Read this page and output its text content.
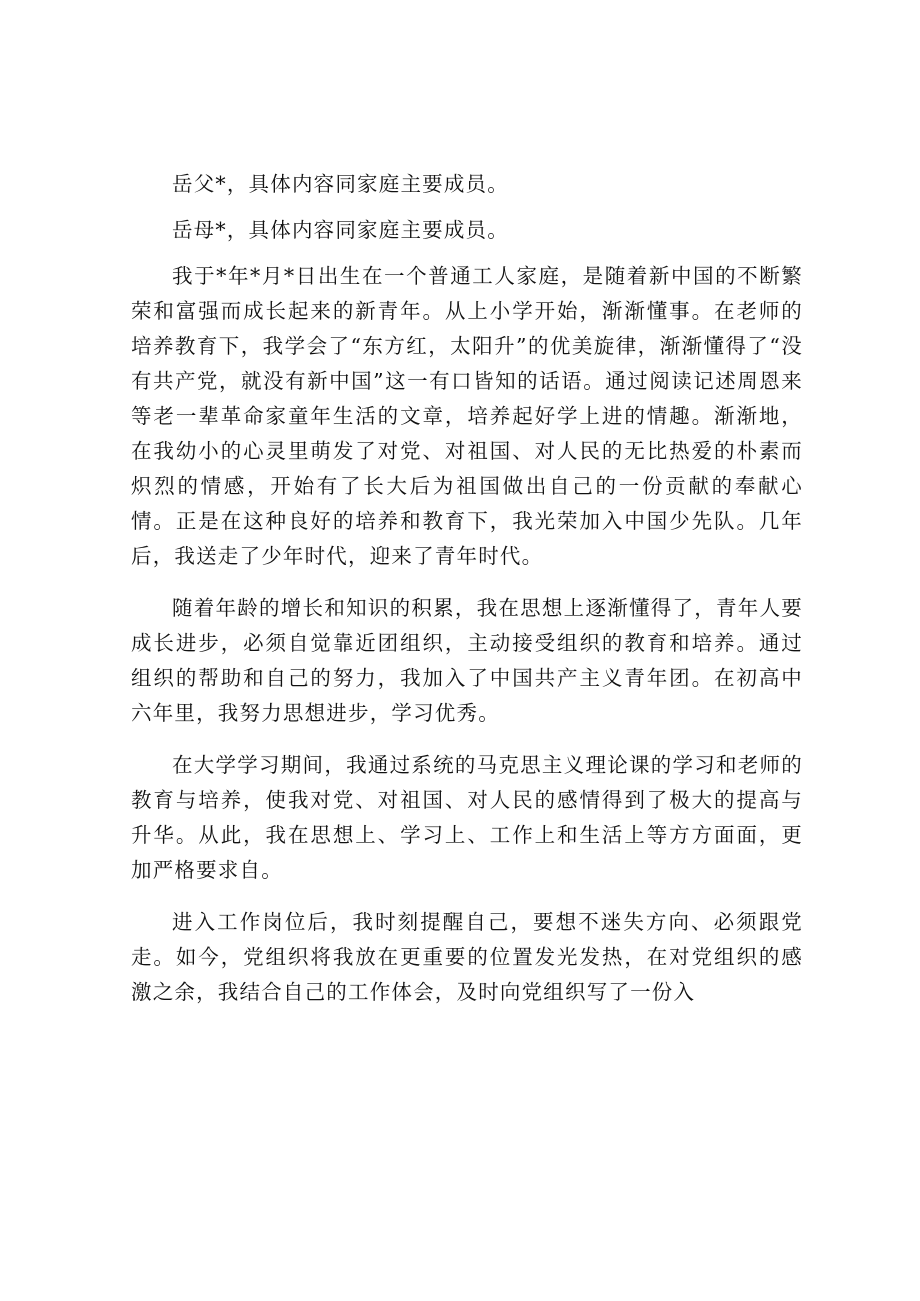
岳父*，具体内容同家庭主要成员。

岳母*，具体内容同家庭主要成员。

我于*年*月*日出生在一个普通工人家庭，是随着新中国的不断繁荣和富强而成长起来的新青年。从上小学开始，渐渐懂事。在老师的培养教育下，我学会了“东方红，太阳升”的优美旋律，渐渐懂得了“没有共产党，就没有新中国”这一有口皆知的话语。通过阅读记述周恩来等老一辈革命家童年生活的文章，培养起好学上进的情趣。渐渐地，在我幼小的心灵里萌发了对党、对祖国、对人民的无比热爱的朴素而炽烈的情感，开始有了长大后为祖国做出自己的一份贡献的奉献心情。正是在这种良好的培养和教育下，我光荣加入中国少先队。几年后，我送走了少年时代，迎来了青年时代。

随着年龄的增长和知识的积累，我在思想上逐渐懂得了，青年人要成长进步，必须自觉靠近团组织，主动接受组织的教育和培养。通过组织的帮助和自己的努力，我加入了中国共产主义青年团。在初高中六年里，我努力思想进步，学习优秀。

在大学学习期间，我通过系统的马克思主义理论课的学习和老师的教育与培养，使我对党、对祖国、对人民的感情得到了极大的提高与升华。从此，我在思想上、学习上、工作上和生活上等方方面面，更加严格要求自。

进入工作岗位后，我时刻提醒自己，要想不迷失方向、必须跟党走。如今，党组织将我放在更重要的位置发光发热，在对党组织的感激之余，我结合自己的工作体会，及时向党组织写了一份入
